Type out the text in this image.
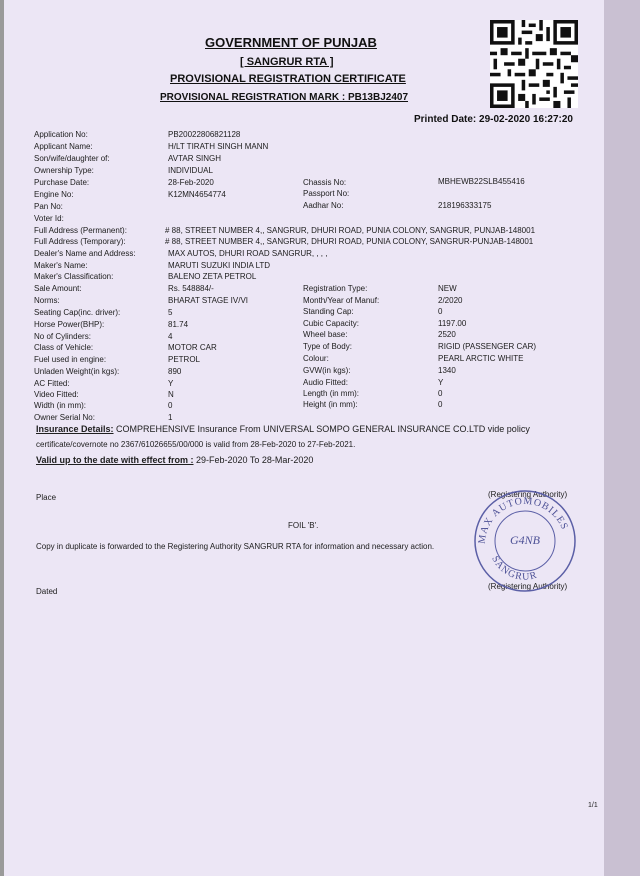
GOVERNMENT OF PUNJAB
[ SANGRUR RTA ]
PROVISIONAL REGISTRATION CERTIFICATE
PROVISIONAL REGISTRATION MARK : PB13BJ2407
Printed Date: 29-02-2020 16:27:20
Application No:
Applicant Name:
Son/wife/daughter of:
Ownership Type:
Purchase Date:
Engine No:
Pan No:
Voter Id:
Full Address (Permanent):
Full Address (Temporary):
Dealer's Name and Address:
Maker's Name:
Maker's Classification:
Sale Amount:
Norms:
Seating Cap(inc. driver):
Horse Power(BHP):
No of Cylinders:
Class of Vehicle:
Fuel used in engine:
Unladen Weight(in kgs):
AC Fitted:
Video Fitted:
Width (in mm):
Owner Serial No:
PB20022806821128
H/LT TIRATH SINGH MANN
AVTAR SINGH
INDIVIDUAL
28-Feb-2020
K12MN4654774
# 88, STREET NUMBER 4,, SANGRUR, DHURI ROAD, PUNIA COLONY, SANGRUR, PUNJAB-148001
# 88, STREET NUMBER 4,, SANGRUR, DHURI ROAD, PUNIA COLONY, SANGRUR-PUNJAB-148001
MAX AUTOS, DHURI ROAD SANGRUR, , , ,
MARUTI SUZUKI INDIA LTD
BALENO ZETA PETROL
Rs. 548884/-
BHARAT STAGE IV/VI
5
81.74
4
MOTOR CAR
PETROL
890
Y
N
0
1
Chassis No:
Passport No:
Aadhar No:
Registration Type:
Month/Year of Manuf:
Standing Cap:
Cubic Capacity:
Wheel base:
Type of Body:
Colour:
GVW(in kgs):
Audio Fitted:
Length (in mm):
Height (in mm):
MBHEWB22SLB455416
218196333175
NEW
2/2020
0
1197.00
2520
RIGID (PASSENGER CAR)
PEARL ARCTIC WHITE
1340
Y
0
0
Insurance Details: COMPREHENSIVE Insurance From UNIVERSAL SOMPO GENERAL INSURANCE CO.LTD vide policy
certificate/covernote no 2367/61026655/00/000 is valid from 28-Feb-2020 to 27-Feb-2021.
Valid up to the date with effect from : 29-Feb-2020 To 28-Mar-2020
Place	(Registering Authority)
FOIL 'B'.
Copy in duplicate is forwarded to the Registering Authority SANGRUR RTA for information and necessary action.
Dated
(Registering Authority)
1/1
MAX AUTOMOBILES
SANGRUR
G4NB
